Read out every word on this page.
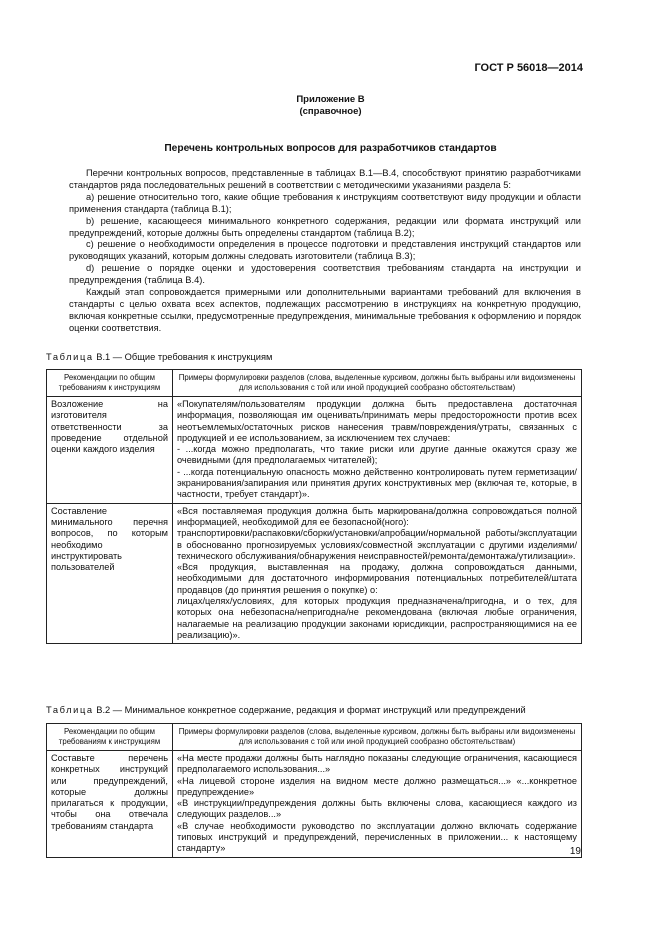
ГОСТ Р 56018—2014
Приложение В
(справочное)
Перечень контрольных вопросов для разработчиков стандартов

Перечни контрольных вопросов, представленные в таблицах В.1—В.4, способствуют принятию разработчиками стандартов ряда последовательных решений в соответствии с методическими указаниями раздела 5:

а) решение относительно того, какие общие требования к инструкциям соответствуют виду продукции и области применения стандарта (таблица В.1);

b) решение, касающееся минимального конкретного содержания, редакции или формата инструкций или предупреждений, которые должны быть определены стандартом (таблица В.2);

с) решение о необходимости определения в процессе подготовки и представления инструкций стандартов или руководящих указаний, которым должны следовать изготовители (таблица В.3);

d) решение о порядке оценки и удостоверения соответствия требованиям стандарта на инструкции и предупреждения (таблица В.4).

Каждый этап сопровождается примерными или дополнительными вариантами требований для включения в стандарты с целью охвата всех аспектов, подлежащих рассмотрению в инструкциях на конкретную продукцию, включая конкретные ссылки, предусмотренные предупреждения, минимальные требования к оформлению и порядок оценки соответствия.

Таблица В.1 — Общие требования к инструкциям
Рекомендации по общим требованиям к инструкциям	Примеры формулировки разделов (слова, выделенные курсивом, должны быть выбраны или видоизменены для использования с той или иной продукцией сообразно обстоятельствам)
Возложение на изготовителя ответственности за проведение отдельной оценки каждого изделия	«Покупателям/пользователям продукции должна быть предоставлена достаточная информация, позволяющая им оценивать/принимать меры предосторожности против всех неотъемлемых/остаточных рисков нанесения травм/повреждения/утраты, связанных с продукцией и ее использованием, за исключением тех случаев:
- ...когда можно предполагать, что такие риски или другие данные окажутся сразу же очевидными (для предполагаемых читателей);
- ...когда потенциальную опасность можно действенно контролировать путем герметизации/экранирования/запирания или принятия других конструктивных мер (включая те, которые, в частности, требует стандарт)».

Составление минимального перечня вопросов, по которым необходимо инструктировать пользователей	«Вся поставляемая продукция должна быть маркирована/должна сопровождаться полной информацией, необходимой для ее безопасной(ного):
транспортировки/распаковки/сборки/установки/апробации/нормальной работы/эксплуатации в обоснованно прогнозируемых условиях/совместной эксплуатации с другими изделиями/технического обслуживания/обнаружения неисправностей/ремонта/демонтажа/утилизации».
«Вся продукция, выставленная на продажу, должна сопровождаться данными, необходимыми для достаточного информирования потенциальных потребителей/штата продавцов (до принятия решения о покупке) о:
лицах/целях/условиях, для которых продукция предназначена/пригодна, и о тех, для которых она небезопасна/непригодна/не рекомендована (включая любые ограничения, налагаемые на реализацию продукции законами юрисдикции, распространяющимися на ее реализацию)».
Таблица В.2 — Минимальное конкретное содержание, редакция и формат инструкций или предупреждений
Рекомендации по общим требованиям к инструкциям	Примеры формулировки разделов (слова, выделенные курсивом, должны быть выбраны или видоизменены для использования с той или иной продукцией сообразно обстоятельствам)
Составьте перечень конкретных инструкций или предупреждений, которые должны прилагаться к продукции, чтобы она отвечала требованиям стандарта	«На месте продажи должны быть наглядно показаны следующие ограничения, касающиеся предполагаемого использования...»
«На лицевой стороне изделия на видном месте должно размещаться...» «...конкретное предупреждение»
«В инструкции/предупреждения должны быть включены слова, касающиеся каждого из следующих разделов...»
«В случае необходимости руководство по эксплуатации должно включать содержание типовых инструкций и предупреждений, перечисленных в приложении... к настоящему стандарту»	19
